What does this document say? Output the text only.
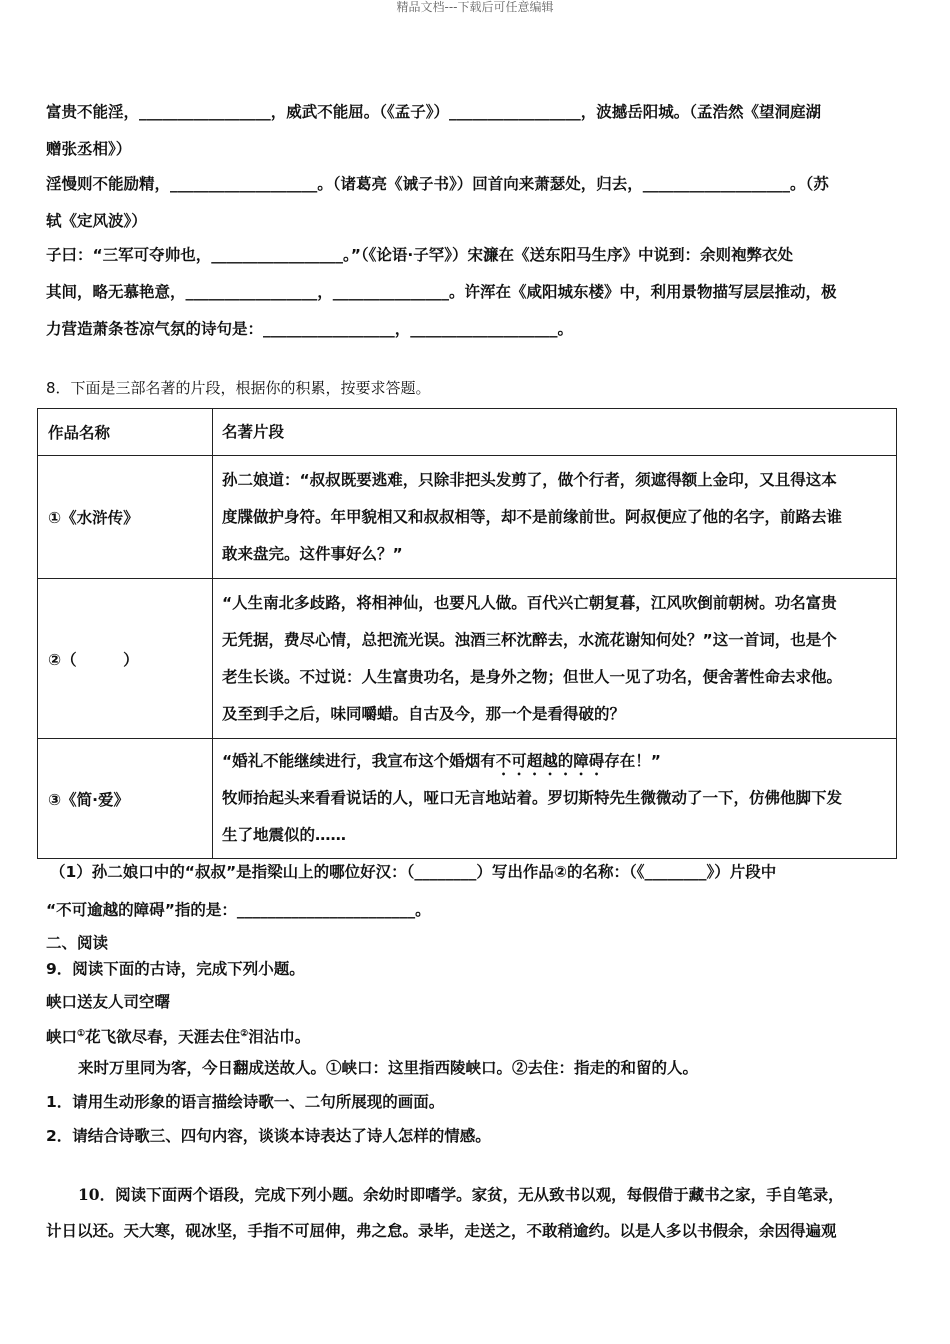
精品文档---下载后可任意编辑
富贵不能淫，_________________，威武不能屈。（《孟子》）_________________，波撼岳阳城。（孟浩然《望洞庭湖
赠张丞相》）
淫慢则不能励精，___________________。（诸葛亮《诫子书》）回首向来萧瑟处，归去，___________________。（苏
轼《定风波》）
子曰：“三军可夺帅也，_________________。”（《论语·子罕》）宋濂在《送东阳马生序》中说到：余则袍弊衣处
其间，略无慕艳意，_________________，_______________。许浑在《咸阳城东楼》中，利用景物描写层层推动，极
力营造萧条苍凉气氛的诗句是：_________________，___________________。
8．下面是三部名著的片段，根据你的积累，按要求答题。
作品名称	名著片段
①《水浒传》	孙二娘道：“叔叔既要逃难，只除非把头发剪了，做个行者，须遮得额上金印，又且得这本
度牒做护身符。年甲貌相又和叔叔相等，却不是前缘前世。阿叔便应了他的名字，前路去谁
敢来盘完。这件事好么？”

②（　　　）	“人生南北多歧路，将相神仙，也要凡人做。百代兴亡朝复暮，江风吹倒前朝树。功名富贵
无凭据，费尽心情，总把流光误。浊酒三杯沈醉去，水流花谢知何处？”这一首词，也是个
老生长谈。不过说：人生富贵功名，是身外之物；但世人一见了功名，便舍著性命去求他。
及至到手之后，味同嚼蜡。自古及今，那一个是看得破的？

③《简·爱》	“婚礼不能继续进行，我宣布这个婚烟有不可超越的障碍存在！”
牧师抬起头来看看说话的人，哑口无言地站着。罗切斯特先生微微动了一下，仿佛他脚下发
生了地震似的……
（1）孙二娘口中的“叔叔”是指梁山上的哪位好汉：（________）写出作品②的名称：（《________》）片段中
“不可逾越的障碍”指的是：_______________________。
二、阅读
9．阅读下面的古诗，完成下列小题。
峡口送友人司空曙
峡口①花飞欲尽春，天涯去住②泪沾巾。
来时万里同为客，今日翻成送故人。①峡口：这里指西陵峡口。②去住：指走的和留的人。
1．请用生动形象的语言描绘诗歌一、二句所展现的画面。
2．请结合诗歌三、四句内容，谈谈本诗表达了诗人怎样的情感。
10．阅读下面两个语段，完成下列小题。余幼时即嗜学。家贫，无从致书以观，每假借于藏书之家，手自笔录，
计日以还。天大寒，砚冰坚，手指不可屈伸，弗之怠。录毕，走送之，不敢稍逾约。以是人多以书假余，余因得遍观
